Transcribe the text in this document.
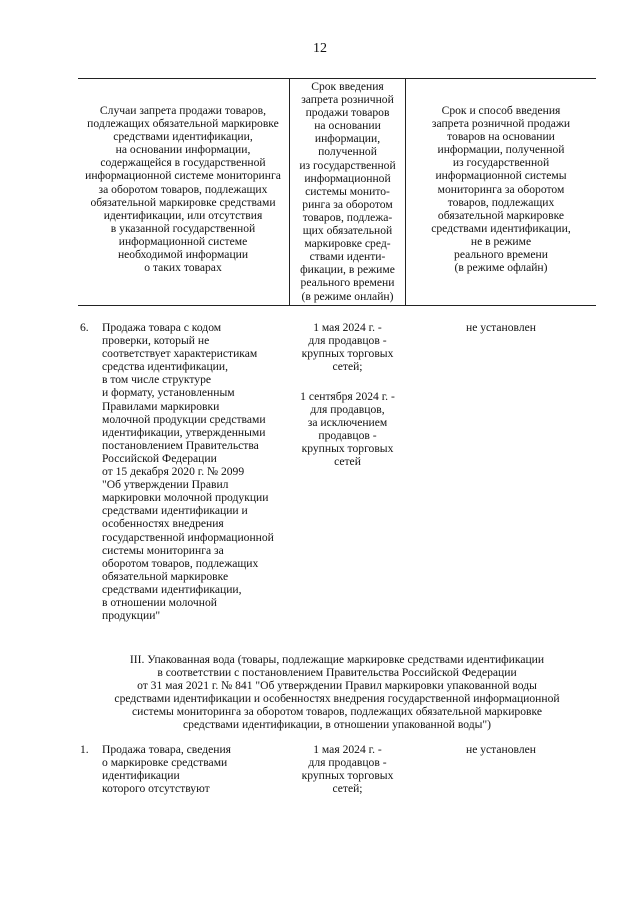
12
Случаи запрета продажи товаров,
подлежащих обязательной маркировке
средствами идентификации,
на основании информации,
содержащейся в государственной
информационной системе мониторинга
за оборотом товаров, подлежащих
обязательной маркировке средствами
идентификации, или отсутствия
в указанной государственной
информационной системе
необходимой информации
о таких товарах
Срок введения
запрета розничной
продажи товаров
на основании
информации,
полученной
из государственной
информационной
системы монито-
ринга за оборотом
товаров, подлежа-
щих обязательной
маркировке сред-
ствами иденти-
фикации, в режиме
реального времени
(в режиме онлайн)
Срок и способ введения
запрета розничной продажи
товаров на основании
информации, полученной
из государственной
информационной системы
мониторинга за оборотом
товаров, подлежащих
обязательной маркировке
средствами идентификации,
не в режиме
реального времени
(в режиме офлайн)
6. Продажа товара с кодом
проверки, который не
соответствует характеристикам
средства идентификации,
в том числе структуре
и формату, установленным
Правилами маркировки
молочной продукции средствами
идентификации, утвержденными
постановлением Правительства
Российской Федерации
от 15 декабря 2020 г. № 2099
"Об утверждении Правил
маркировки молочной продукции
средствами идентификации и
особенностях внедрения
государственной информационной
системы мониторинга за
оборотом товаров, подлежащих
обязательной маркировке
средствами идентификации,
в отношении молочной
продукции"
1 мая 2024 г. -
для продавцов -
крупных торговых
сетей;
1 сентября 2024 г. -
для продавцов,
за исключением
продавцов -
крупных торговых
сетей
не установлен
III. Упакованная вода (товары, подлежащие маркировке средствами идентификации
в соответствии с постановлением Правительства Российской Федерации
от 31 мая 2021 г. № 841 "Об утверждении Правил маркировки упакованной воды
средствами идентификации и особенностях внедрения государственной информационной
системы мониторинга за оборотом товаров, подлежащих обязательной маркировке
средствами идентификации, в отношении упакованной воды")
1. Продажа товара, сведения
о маркировке средствами
идентификации
которого отсутствуют
1 мая 2024 г. -
для продавцов -
крупных торговых
сетей;
не установлен
